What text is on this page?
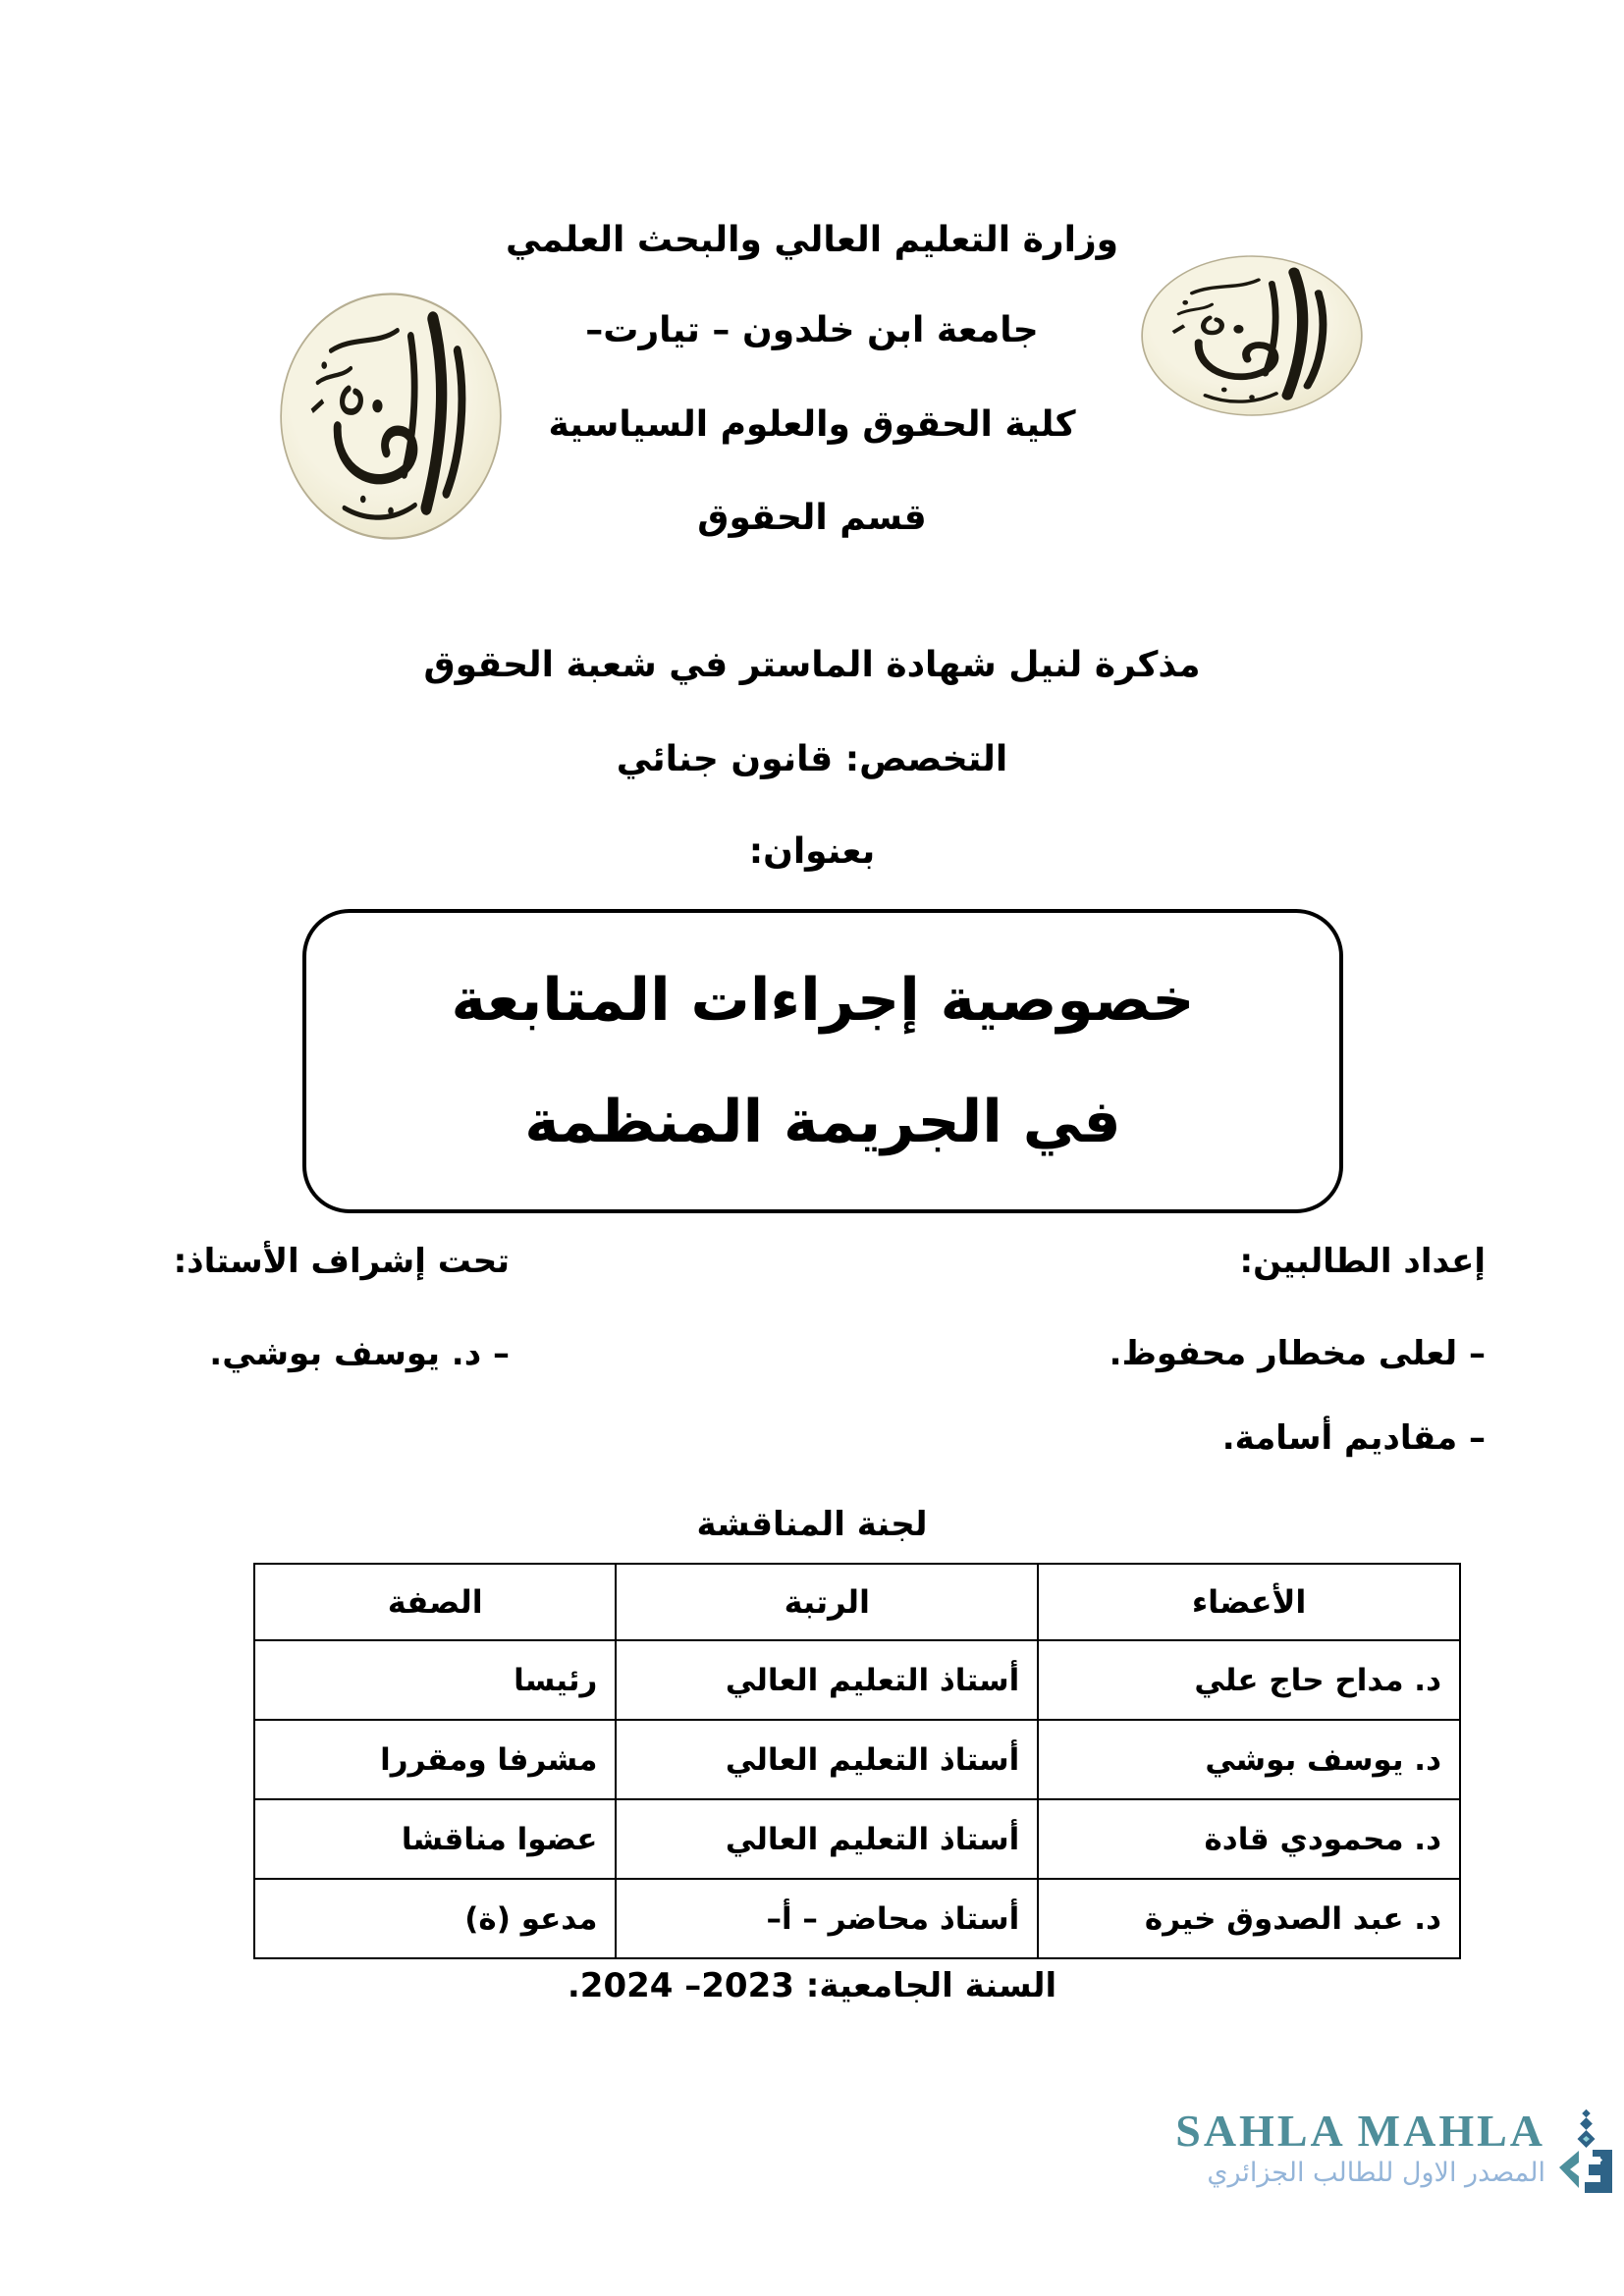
وزارة التعليم العالي والبحث العلمي
جامعة ابن خلدون – تيارت–
كلية الحقوق والعلوم السياسية
قسم الحقوق
مذكرة لنيل شهادة الماستر في شعبة الحقوق
التخصص: قانون جنائي
بعنوان:
خصوصية إجراءات المتابعة
في الجريمة المنظمة
إعداد الطالبين:
تحت إشراف الأستاذ:
– لعلى مخطار محفوظ.
– د. يوسف بوشي.
– مقاديم أسامة.
لجنة المناقشة
الأعضاء	الرتبة	الصفة
د. مداح حاج علي	أستاذ التعليم العالي	رئيسا
د. يوسف بوشي	أستاذ التعليم العالي	مشرفا ومقررا
د. محمودي قادة	أستاذ التعليم العالي	عضوا مناقشا
د. عبد الصدوق خيرة	أستاذ محاضر – أ–	مدعو (ة)
السنة الجامعية: 2023– 2024.
SAHLA MAHLA
المصدر الاول للطالب الجزائري
